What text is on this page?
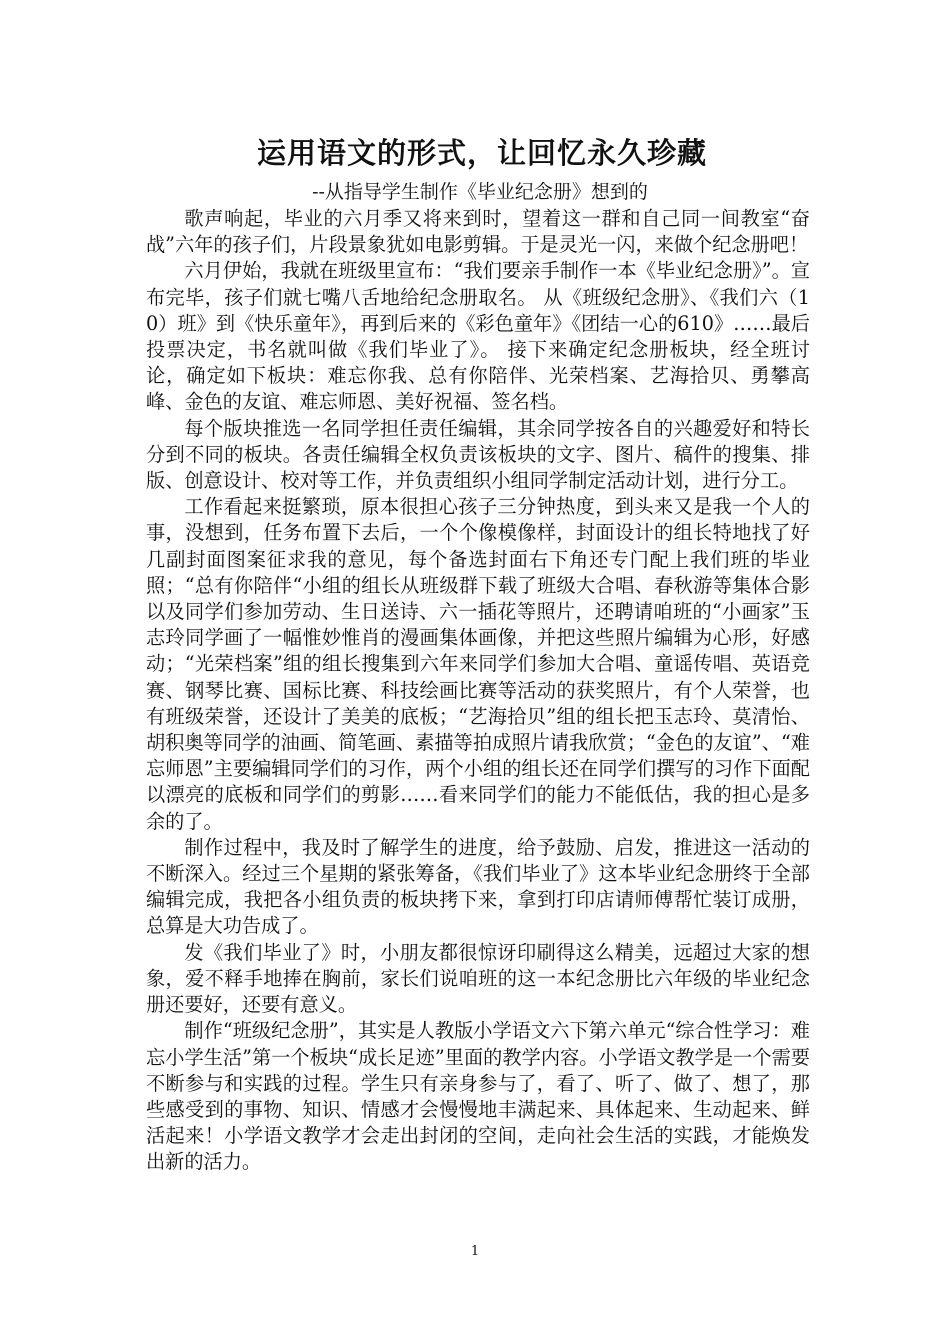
运用语文的形式，让回忆永久珍藏

--从指导学生制作《毕业纪念册》想到的

歌声响起，毕业的六月季又将来到时，望着这一群和自己同一间教室“奋战”六年的孩子们，片段景象犹如电影剪辑。于是灵光一闪，来做个纪念册吧！

六月伊始，我就在班级里宣布：“我们要亲手制作一本《毕业纪念册》”。宣布完毕，孩子们就七嘴八舌地给纪念册取名。 从《班级纪念册》、《我们六（10）班》到《快乐童年》，再到后来的《彩色童年》《团结一心的610》……最后投票决定，书名就叫做《我们毕业了》。 接下来确定纪念册板块，经全班讨论，确定如下板块：难忘你我、总有你陪伴、光荣档案、艺海拾贝、勇攀高峰、金色的友谊、难忘师恩、美好祝福、签名档。

每个版块推选一名同学担任责任编辑，其余同学按各自的兴趣爱好和特长分到不同的板块。各责任编辑全权负责该板块的文字、图片、稿件的搜集、排版、创意设计、校对等工作，并负责组织小组同学制定活动计划，进行分工。

工作看起来挺繁琐，原本很担心孩子三分钟热度，到头来又是我一个人的事，没想到，任务布置下去后，一个个像模像样，封面设计的组长特地找了好几副封面图案征求我的意见，每个备选封面右下角还专门配上我们班的毕业照；“总有你陪伴“小组的组长从班级群下载了班级大合唱、春秋游等集体合影以及同学们参加劳动、生日送诗、六一插花等照片，还聘请咱班的“小画家”玉志玲同学画了一幅惟妙惟肖的漫画集体画像，并把这些照片编辑为心形，好感动；“光荣档案”组的组长搜集到六年来同学们参加大合唱、童谣传唱、英语竞赛、钢琴比赛、国标比赛、科技绘画比赛等活动的获奖照片，有个人荣誉，也有班级荣誉，还设计了美美的底板；“艺海拾贝”组的组长把玉志玲、莫清怡、胡积奥等同学的油画、简笔画、素描等拍成照片请我欣赏；“金色的友谊”、“难忘师恩”主要编辑同学们的习作，两个小组的组长还在同学们撰写的习作下面配以漂亮的底板和同学们的剪影……看来同学们的能力不能低估，我的担心是多余的了。

制作过程中，我及时了解学生的进度，给予鼓励、启发，推进这一活动的不断深入。经过三个星期的紧张筹备，《我们毕业了》这本毕业纪念册终于全部编辑完成，我把各小组负责的板块拷下来，拿到打印店请师傅帮忙装订成册，总算是大功告成了。

发《我们毕业了》时，小朋友都很惊讶印刷得这么精美，远超过大家的想象，爱不释手地捧在胸前，家长们说咱班的这一本纪念册比六年级的毕业纪念册还要好，还要有意义。

制作“班级纪念册”，其实是人教版小学语文六下第六单元“综合性学习：难忘小学生活”第一个板块“成长足迹”里面的教学内容。小学语文教学是一个需要不断参与和实践的过程。学生只有亲身参与了，看了、听了、做了、想了，那些感受到的事物、知识、情感才会慢慢地丰满起来、具体起来、生动起来、鲜活起来！小学语文教学才会走出封闭的空间，走向社会生活的实践，才能焕发出新的活力。

1
